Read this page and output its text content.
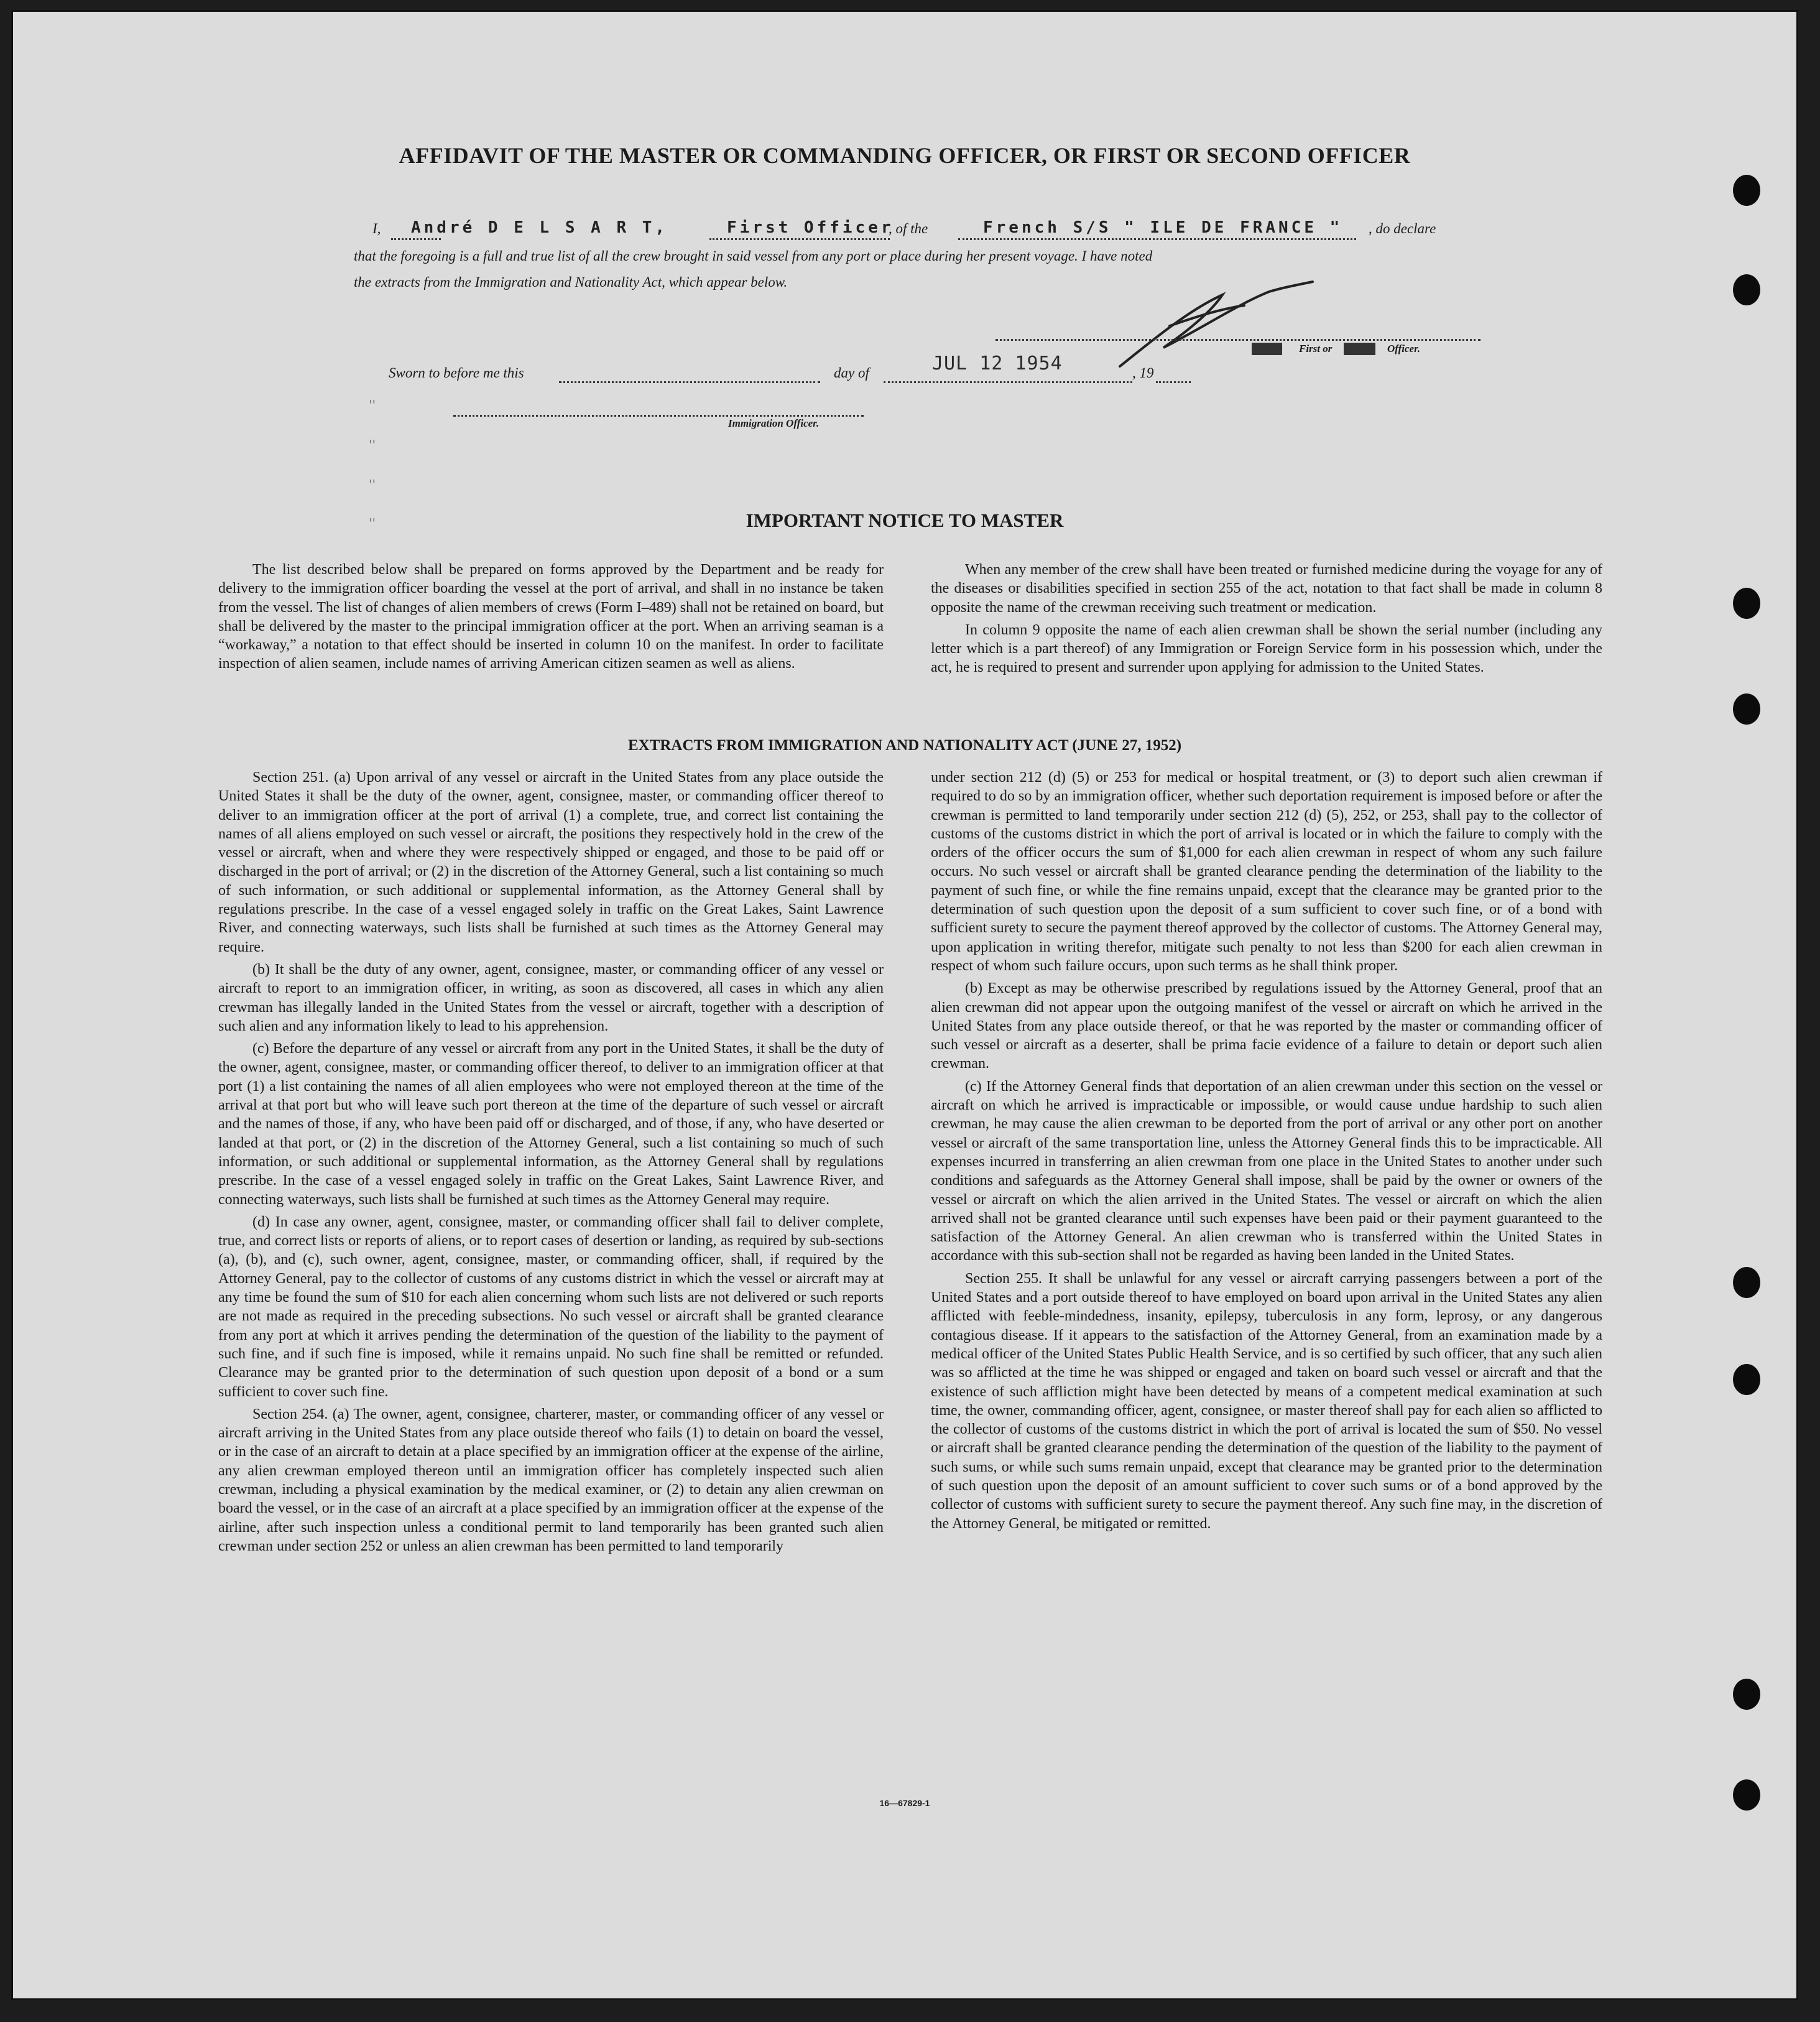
AFFIDAVIT OF THE MASTER OR COMMANDING OFFICER, OR FIRST OR SECOND OFFICER
I, André D E L S A R T,	First Officer
, of the	French S/S " ILE DE FRANCE " , do declare
that the foregoing is a full and true list of all the crew brought in said vessel from any port or place during her present voyage. I have noted
the extracts from the Immigration and Nationality Act, which appear below.
Master First or Second Officer.
Sworn to before me this	day of	JUL 12 1954	, 19
Immigration Officer.
''
''
''
''	IMPORTANT NOTICE TO MASTER

The list described below shall be prepared on forms approved by the Department and be ready for delivery to the immigration officer boarding the vessel at the port of arrival, and shall in no instance be taken from the vessel. The list of changes of alien members of crews (Form I–489) shall not be retained on board, but shall be delivered by the master to the principal immigration officer at the port. When an arriving seaman is a “workaway,” a notation to that effect should be inserted in column 10 on the manifest. In order to facilitate inspection of alien seamen, include names of arriving American citizen seamen as well as aliens.

When any member of the crew shall have been treated or furnished medicine during the voyage for any of the diseases or disabilities specified in section 255 of the act, notation to that fact shall be made in column 8 opposite the name of the crewman receiving such treatment or medication.

In column 9 opposite the name of each alien crewman shall be shown the serial number (including any letter which is a part thereof) of any Immigration or Foreign Service form in his possession which, under the act, he is required to present and surrender upon applying for admission to the United States.

EXTRACTS FROM IMMIGRATION AND NATIONALITY ACT (JUNE 27, 1952)

Section 251. (a) Upon arrival of any vessel or aircraft in the United States from any place outside the United States it shall be the duty of the owner, agent, consignee, master, or commanding officer thereof to deliver to an immigration officer at the port of arrival (1) a complete, true, and correct list containing the names of all aliens employed on such vessel or aircraft, the positions they respectively hold in the crew of the vessel or aircraft, when and where they were respectively shipped or engaged, and those to be paid off or discharged in the port of arrival; or (2) in the discretion of the Attorney General, such a list containing so much of such information, or such additional or supplemental information, as the Attorney General shall by regulations prescribe. In the case of a vessel engaged solely in traffic on the Great Lakes, Saint Lawrence River, and connecting waterways, such lists shall be furnished at such times as the Attorney General may require.

(b) It shall be the duty of any owner, agent, consignee, master, or commanding officer of any vessel or aircraft to report to an immigration officer, in writing, as soon as discovered, all cases in which any alien crewman has illegally landed in the United States from the vessel or aircraft, together with a description of such alien and any information likely to lead to his apprehension.

(c) Before the departure of any vessel or aircraft from any port in the United States, it shall be the duty of the owner, agent, consignee, master, or commanding officer thereof, to deliver to an immigration officer at that port (1) a list containing the names of all alien employees who were not employed thereon at the time of the arrival at that port but who will leave such port thereon at the time of the departure of such vessel or aircraft and the names of those, if any, who have been paid off or discharged, and of those, if any, who have deserted or landed at that port, or (2) in the discretion of the Attorney General, such a list containing so much of such information, or such additional or supplemental information, as the Attorney General shall by regulations prescribe. In the case of a vessel engaged solely in traffic on the Great Lakes, Saint Lawrence River, and connecting waterways, such lists shall be furnished at such times as the Attorney General may require.

(d) In case any owner, agent, consignee, master, or commanding officer shall fail to deliver complete, true, and correct lists or reports of aliens, or to report cases of desertion or landing, as required by sub-sections (a), (b), and (c), such owner, agent, consignee, master, or commanding officer, shall, if required by the Attorney General, pay to the collector of customs of any customs district in which the vessel or aircraft may at any time be found the sum of $10 for each alien concerning whom such lists are not delivered or such reports are not made as required in the preceding subsections. No such vessel or aircraft shall be granted clearance from any port at which it arrives pending the determination of the question of the liability to the payment of such fine, and if such fine is imposed, while it remains unpaid. No such fine shall be remitted or refunded. Clearance may be granted prior to the determination of such question upon deposit of a bond or a sum sufficient to cover such fine.

Section 254. (a) The owner, agent, consignee, charterer, master, or commanding officer of any vessel or aircraft arriving in the United States from any place outside thereof who fails (1) to detain on board the vessel, or in the case of an aircraft to detain at a place specified by an immigration officer at the expense of the airline, any alien crewman employed thereon until an immigration officer has completely inspected such alien crewman, including a physical examination by the medical examiner, or (2) to detain any alien crewman on board the vessel, or in the case of an aircraft at a place specified by an immigration officer at the expense of the airline, after such inspection unless a conditional permit to land temporarily has been granted such alien crewman under section 252 or unless an alien crewman has been permitted to land temporarily

under section 212 (d) (5) or 253 for medical or hospital treatment, or (3) to deport such alien crewman if required to do so by an immigration officer, whether such deportation requirement is imposed before or after the crewman is permitted to land temporarily under section 212 (d) (5), 252, or 253, shall pay to the collector of customs of the customs district in which the port of arrival is located or in which the failure to comply with the orders of the officer occurs the sum of $1,000 for each alien crewman in respect of whom any such failure occurs. No such vessel or aircraft shall be granted clearance pending the determination of the liability to the payment of such fine, or while the fine remains unpaid, except that the clearance may be granted prior to the determination of such question upon the deposit of a sum sufficient to cover such fine, or of a bond with sufficient surety to secure the payment thereof approved by the collector of customs. The Attorney General may, upon application in writing therefor, mitigate such penalty to not less than $200 for each alien crewman in respect of whom such failure occurs, upon such terms as he shall think proper.

(b) Except as may be otherwise prescribed by regulations issued by the Attorney General, proof that an alien crewman did not appear upon the outgoing manifest of the vessel or aircraft on which he arrived in the United States from any place outside thereof, or that he was reported by the master or commanding officer of such vessel or aircraft as a deserter, shall be prima facie evidence of a failure to detain or deport such alien crewman.

(c) If the Attorney General finds that deportation of an alien crewman under this section on the vessel or aircraft on which he arrived is impracticable or impossible, or would cause undue hardship to such alien crewman, he may cause the alien crewman to be deported from the port of arrival or any other port on another vessel or aircraft of the same transportation line, unless the Attorney General finds this to be impracticable. All expenses incurred in transferring an alien crewman from one place in the United States to another under such conditions and safeguards as the Attorney General shall impose, shall be paid by the owner or owners of the vessel or aircraft on which the alien arrived in the United States. The vessel or aircraft on which the alien arrived shall not be granted clearance until such expenses have been paid or their payment guaranteed to the satisfaction of the Attorney General. An alien crewman who is transferred within the United States in accordance with this sub-section shall not be regarded as having been landed in the United States.

Section 255. It shall be unlawful for any vessel or aircraft carrying passengers between a port of the United States and a port outside thereof to have employed on board upon arrival in the United States any alien afflicted with feeble-mindedness, insanity, epilepsy, tuberculosis in any form, leprosy, or any dangerous contagious disease. If it appears to the satisfaction of the Attorney General, from an examination made by a medical officer of the United States Public Health Service, and is so certified by such officer, that any such alien was so afflicted at the time he was shipped or engaged and taken on board such vessel or aircraft and that the existence of such affliction might have been detected by means of a competent medical examination at such time, the owner, commanding officer, agent, consignee, or master thereof shall pay for each alien so afflicted to the collector of customs of the customs district in which the port of arrival is located the sum of $50. No vessel or aircraft shall be granted clearance pending the determination of the question of the liability to the payment of such sums, or while such sums remain unpaid, except that clearance may be granted prior to the determination of such question upon the deposit of an amount sufficient to cover such sums or of a bond approved by the collector of customs with sufficient surety to secure the payment thereof. Any such fine may, in the discretion of the Attorney General, be mitigated or remitted.

16—67829-1
